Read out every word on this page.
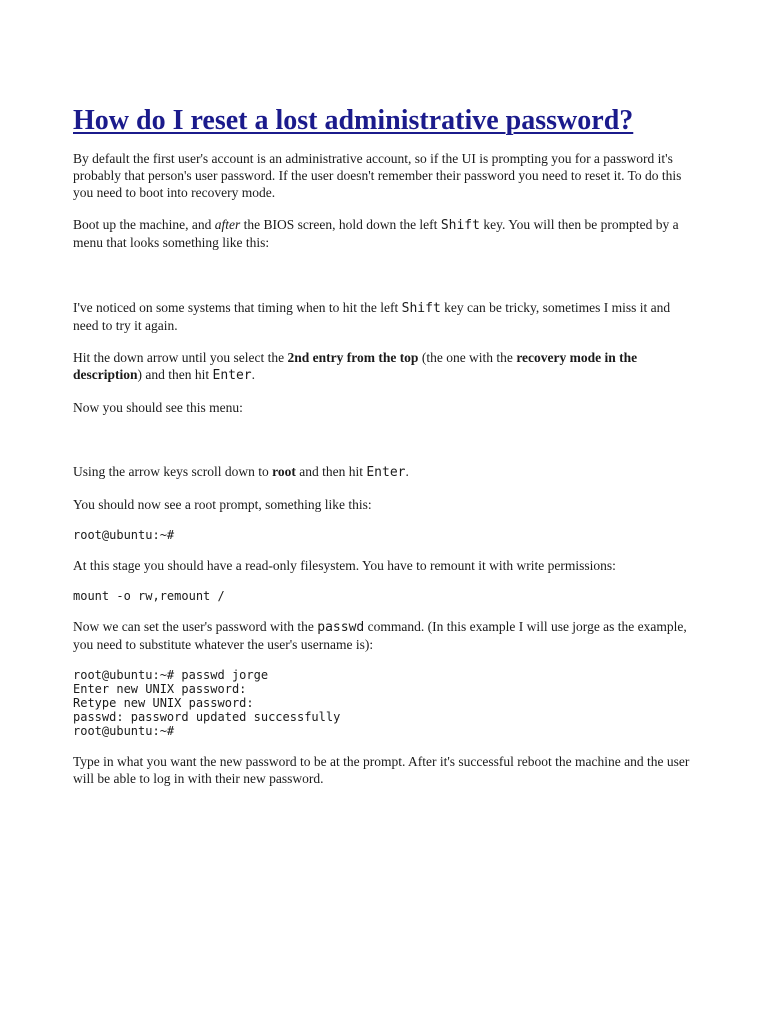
How do I reset a lost administrative password?

By default the first user's account is an administrative account, so if the UI is prompting you for a password it's probably that person's user password. If the user doesn't remember their password you need to reset it. To do this you need to boot into recovery mode.

Boot up the machine, and after the BIOS screen, hold down the left Shift key. You will then be prompted by a menu that looks something like this:

I've noticed on some systems that timing when to hit the left Shift key can be tricky, sometimes I miss it and need to try it again.

Hit the down arrow until you select the 2nd entry from the top (the one with the recovery mode in the description) and then hit Enter.

Now you should see this menu:

Using the arrow keys scroll down to root and then hit Enter.

You should now see a root prompt, something like this:

root@ubuntu:~#

At this stage you should have a read-only filesystem. You have to remount it with write permissions:

mount -o rw,remount /

Now we can set the user's password with the passwd command. (In this example I will use jorge as the example, you need to substitute whatever the user's username is):

root@ubuntu:~# passwd jorge
Enter new UNIX password:
Retype new UNIX password:
passwd: password updated successfully
root@ubuntu:~#

Type in what you want the new password to be at the prompt. After it's successful reboot the machine and the user will be able to log in with their new password.
